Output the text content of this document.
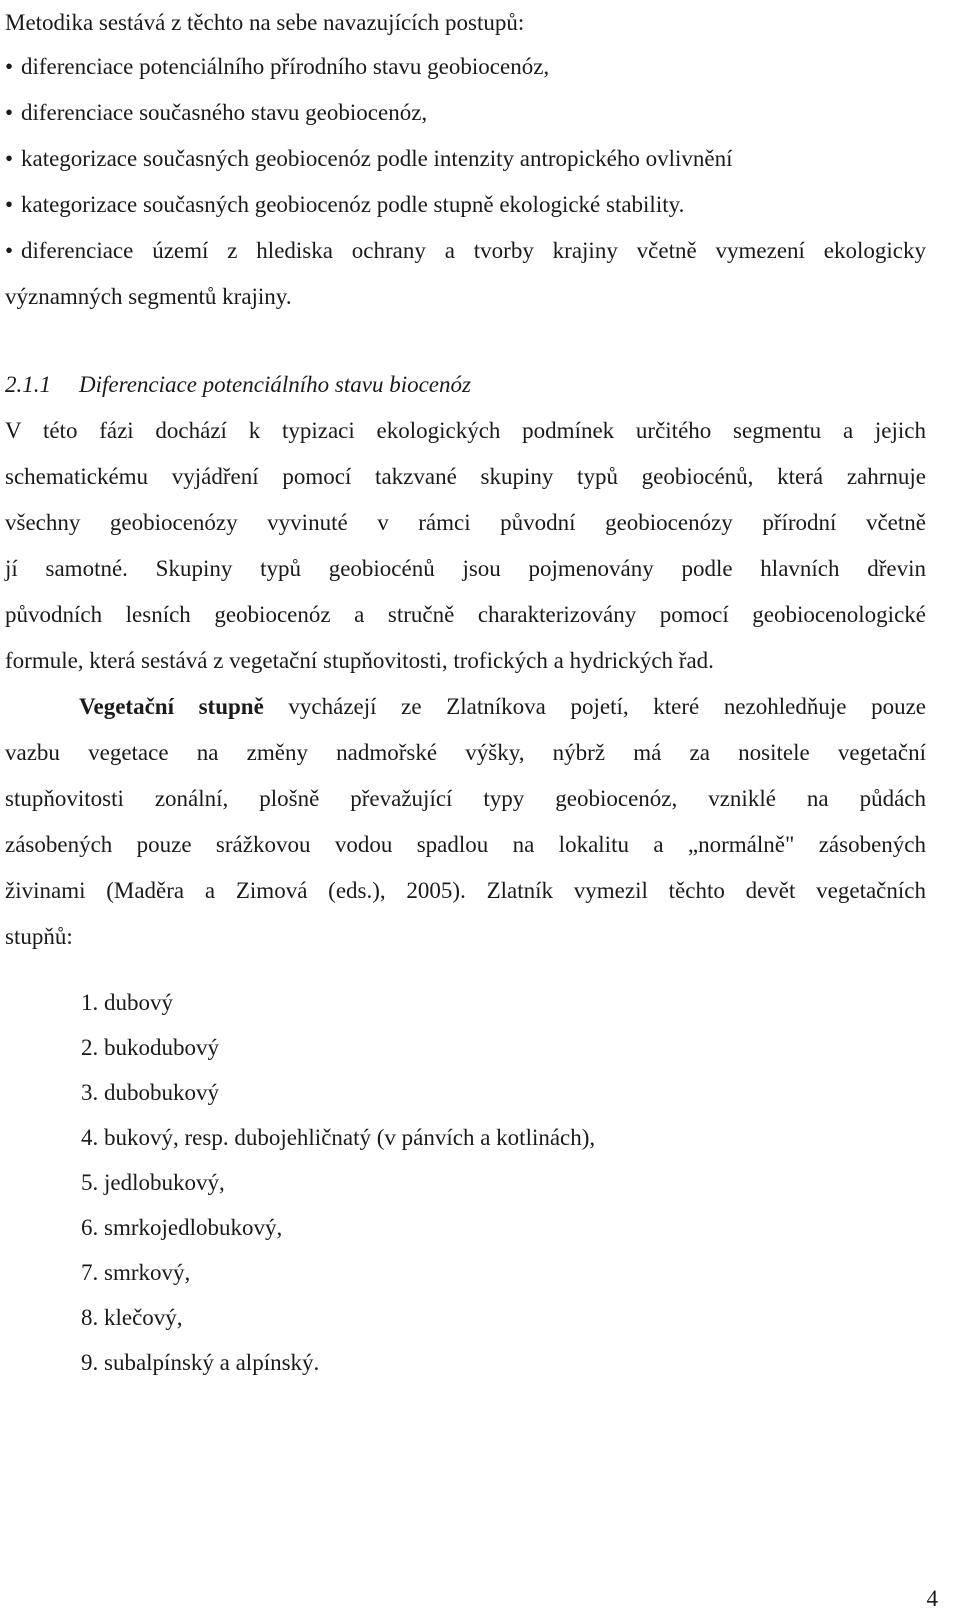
Metodika sestává z těchto na sebe navazujících postupů:

• diferenciace potenciálního přírodního stavu geobiocenóz,

• diferenciace současného stavu geobiocenóz,

• kategorizace současných geobiocenóz podle intenzity antropického ovlivnění

• kategorizace současných geobiocenóz podle stupně ekologické stability.

• diferenciace území z hlediska ochrany a tvorby krajiny včetně vymezení ekologicky

významných segmentů krajiny.

2.1.1 Diferenciace potenciálního stavu biocenóz

V této fázi dochází k typizaci ekologických podmínek určitého segmentu a jejich

schematickému vyjádření pomocí takzvané skupiny typů geobiocénů, která zahrnuje

všechny geobiocenózy vyvinuté v rámci původní geobiocenózy přírodní včetně

jí samotné. Skupiny typů geobiocénů jsou pojmenovány podle hlavních dřevin

původních lesních geobiocenóz a stručně charakterizovány pomocí geobiocenologické

formule, která sestává z vegetační stupňovitosti, trofických a hydrických řad.

Vegetační stupně vycházejí ze Zlatníkova pojetí, které nezohledňuje pouze

vazbu vegetace na změny nadmořské výšky, nýbrž má za nositele vegetační

stupňovitosti zonální, plošně převažující typy geobiocenóz, vzniklé na půdách

zásobených pouze srážkovou vodou spadlou na lokalitu a „normálně" zásobených

živinami (Maděra a Zimová (eds.), 2005). Zlatník vymezil těchto devět vegetačních

stupňů:

1. dubový

2. bukodubový

3. dubobukový

4. bukový, resp. dubojehličnatý (v pánvích a kotlinách),

5. jedlobukový,

6. smrkojedlobukový,

7. smrkový,

8. klečový,

9. subalpínský a alpínský.

4
